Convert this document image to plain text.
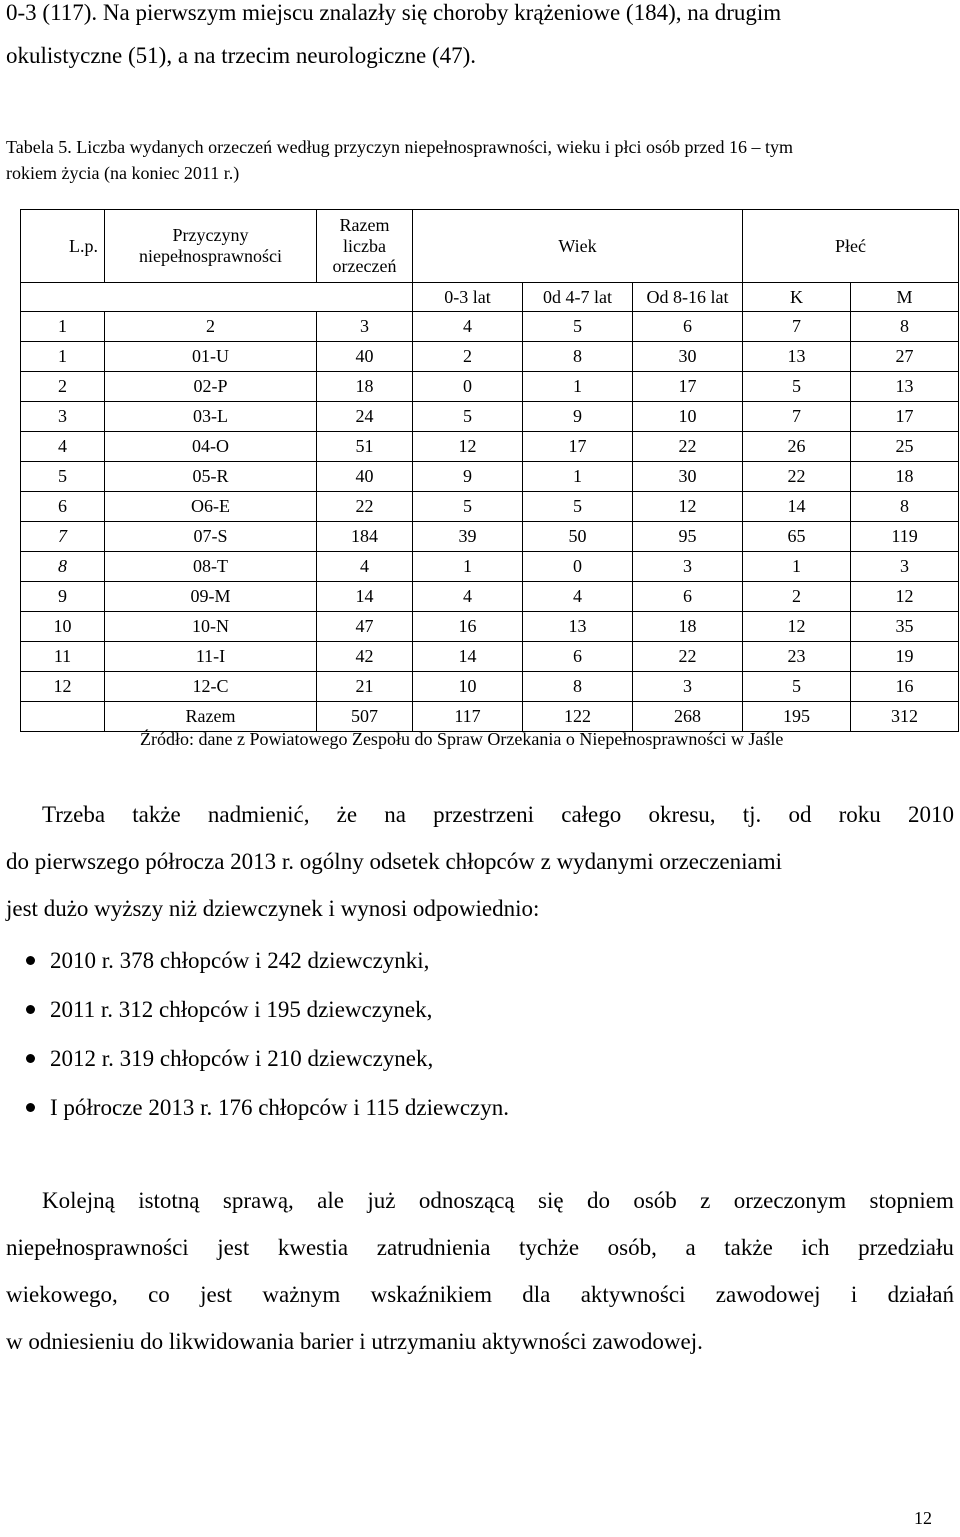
0-3 (117). Na pierwszym miejscu znalazły się choroby krążeniowe (184), na drugim
okulistyczne (51), a na trzecim neurologiczne (47).
Tabela 5. Liczba wydanych orzeczeń według przyczyn niepełnosprawności, wieku i płci osób przed 16 – tym
rokiem życia (na koniec 2011 r.)
L.p.	Przyczyny niepełnosprawności	Razem liczba orzeczeń	Wiek			Płeć	
			0-3 lat	0d 4-7 lat	Od 8-16 lat	K	M
1	2	3	4	5	6	7	8
1	01-U	40	2	8	30	13	27
2	02-P	18	0	1	17	5	13
3	03-L	24	5	9	10	7	17
4	04-O	51	12	17	22	26	25
5	05-R	40	9	1	30	22	18
6	O6-E	22	5	5	12	14	8
7	07-S	184	39	50	95	65	119
8	08-T	4	1	0	3	1	3
9	09-M	14	4	4	6	2	12
10	10-N	47	16	13	18	12	35
11	11-I	42	14	6	22	23	19
12	12-C	21	10	8	3	5	16
	Razem	507	117	122	268	195	312
Źródło: dane z Powiatowego Zespołu do Spraw Orzekania o Niepełnosprawności w Jaśle
Trzeba także nadmienić, że na przestrzeni całego okresu, tj. od roku 2010
do pierwszego półrocza 2013 r. ogólny odsetek chłopców z wydanymi orzeczeniami
jest dużo wyższy niż dziewczynek i wynosi odpowiednio:
2010 r. 378 chłopców i 242 dziewczynki,
2011 r. 312 chłopców i 195 dziewczynek,
2012 r. 319 chłopców i 210 dziewczynek,
I półrocze 2013 r. 176 chłopców i 115 dziewczyn.
Kolejną istotną sprawą, ale już odnoszącą się do osób z orzeczonym stopniem
niepełnosprawności jest kwestia zatrudnienia tychże osób, a także ich przedziału
wiekowego, co jest ważnym wskaźnikiem dla aktywności zawodowej i działań
w odniesieniu do likwidowania barier i utrzymaniu aktywności zawodowej.
12
